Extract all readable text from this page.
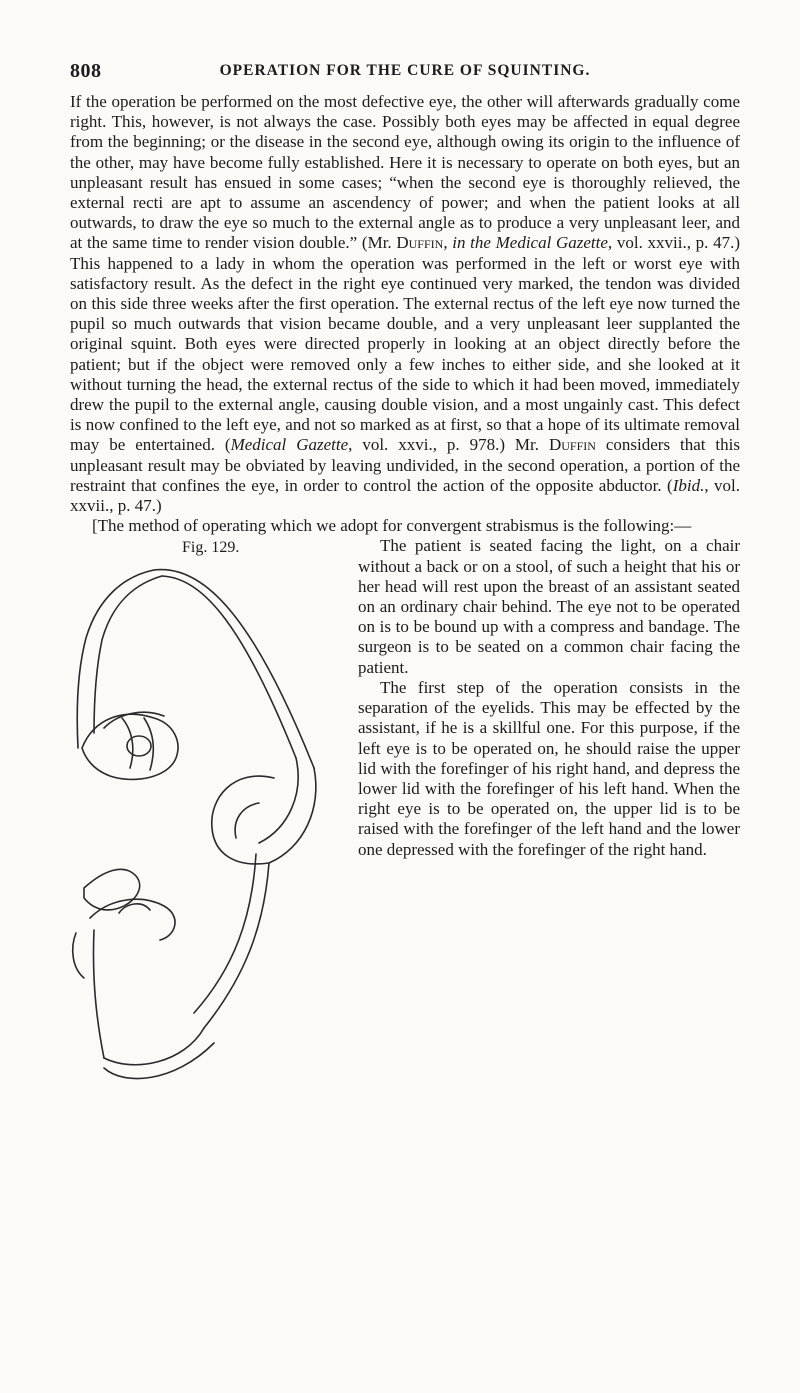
808	OPERATION FOR THE CURE OF SQUINTING.

If the operation be performed on the most defective eye, the other will afterwards gradually come right. This, however, is not always the case. Possibly both eyes may be affected in equal degree from the beginning; or the disease in the second eye, although owing its origin to the influence of the other, may have become fully established. Here it is necessary to operate on both eyes, but an unpleasant result has ensued in some cases; “when the second eye is thoroughly relieved, the external recti are apt to assume an ascendency of power; and when the patient looks at all outwards, to draw the eye so much to the external angle as to produce a very unpleasant leer, and at the same time to render vision double.” (Mr. Duffin, in the Medical Gazette, vol. xxvii., p. 47.) This happened to a lady in whom the operation was performed in the left or worst eye with satisfactory result. As the defect in the right eye continued very marked, the tendon was divided on this side three weeks after the first operation. The external rectus of the left eye now turned the pupil so much outwards that vision became double, and a very unpleasant leer supplanted the original squint. Both eyes were directed properly in looking at an object directly before the patient; but if the object were removed only a few inches to either side, and she looked at it without turning the head, the external rectus of the side to which it had been moved, immediately drew the pupil to the external angle, causing double vision, and a most ungainly cast. This defect is now confined to the left eye, and not so marked as at first, so that a hope of its ultimate removal may be entertained. (Medical Gazette, vol. xxvi., p. 978.) Mr. Duffin considers that this unpleasant result may be obviated by leaving undivided, in the second operation, a portion of the restraint that confines the eye, in order to control the action of the opposite abductor. (Ibid., vol. xxvii., p. 47.)

[The method of operating which we adopt for convergent strabismus is the following:—

Fig. 129.	The patient is seated facing the light, on a chair without a back or on a stool, of such a height that his or her head will rest upon the breast of an assistant seated on an ordinary chair behind. The eye not to be operated on is to be bound up with a compress and bandage. The surgeon is to be seated on a common chair facing the patient.

The first step of the operation consists in the separation of the eyelids. This may be effected by the assistant, if he is a skillful one. For this purpose, if the left eye is to be operated on, he should raise the upper lid with the forefinger of his right hand, and depress the lower lid with the forefinger of his left hand. When the right eye is to be operated on, the upper lid is to be raised with the forefinger of the left hand and the lower one depressed with the forefinger of the right hand.
